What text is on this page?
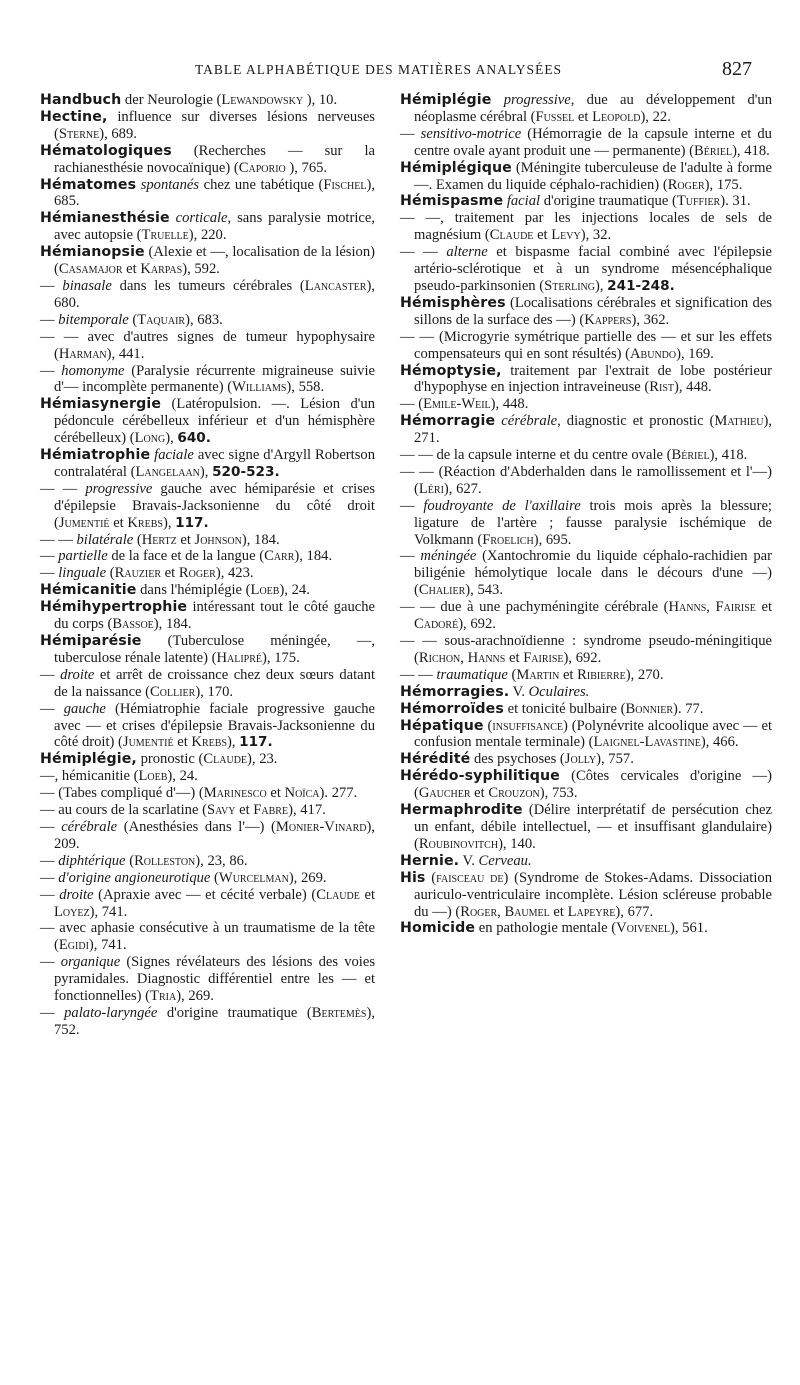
TABLE ALPHABÉTIQUE DES MATIÈRES ANALYSÉES	827

Handbuch der Neurologie (Lewandowsky ), 10.

Hectine, influence sur diverses lésions nerveuses (Sterne), 689.

Hématologiques (Recherches — sur la rachianesthésie novocaïnique) (Caporio ), 765.

Hématomes spontanés chez une tabétique (Fischel), 685.

Hémianesthésie corticale, sans paralysie motrice, avec autopsie (Truelle), 220.

Hémianopsie (Alexie et —, localisation de la lésion) (Casamajor et Karpas), 592.

— binasale dans les tumeurs cérébrales (Lancaster), 680.

— bitemporale (Taquair), 683.

— — avec d'autres signes de tumeur hypophysaire (Harman), 441.

— homonyme (Paralysie récurrente migraineuse suivie d'— incomplète permanente) (Williams), 558.

Hémiasynergie (Latéropulsion. —. Lésion d'un pédoncule cérébelleux inférieur et d'un hémisphère cérébelleux) (Long), 640.

Hémiatrophie faciale avec signe d'Argyll Robertson contralatéral (Langelaan), 520-523.

— — progressive gauche avec hémiparésie et crises d'épilepsie Bravais-Jacksonienne du côté droit (Jumentié et Krebs), 117.

— — bilatérale (Hertz et Johnson), 184.

— partielle de la face et de la langue (Carr), 184.

— linguale (Rauzier et Roger), 423.

Hémicanitie dans l'hémiplégie (Loeb), 24.

Hémihypertrophie intéressant tout le côté gauche du corps (Bassoe), 184.

Hémiparésie (Tuberculose méningée, —, tuberculose rénale latente) (Halipré), 175.

— droite et arrêt de croissance chez deux sœurs datant de la naissance (Collier), 170.

— gauche (Hémiatrophie faciale progressive gauche avec — et crises d'épilepsie Bravais-Jacksonienne du côté droit) (Jumentié et Krebs), 117.

Hémiplégie, pronostic (Claude), 23.

—, hémicanitie (Loeb), 24.

— (Tabes compliqué d'—) (Marinesco et Noïca). 277.

— au cours de la scarlatine (Savy et Fabre), 417.

— cérébrale (Anesthésies dans l'—) (Monier-Vinard), 209.

— diphtérique (Rolleston), 23, 86.

— d'origine angioneurotique (Wurcelman), 269.

— droite (Apraxie avec — et cécité verbale) (Claude et Loyez), 741.

— avec aphasie consécutive à un traumatisme de la tête (Egidi), 741.

— organique (Signes révélateurs des lésions des voies pyramidales. Diagnostic différentiel entre les — et fonctionnelles) (Tria), 269.

— palato-laryngée d'origine traumatique (Bertemès), 752.

Hémiplégie progressive, due au développement d'un néoplasme cérébral (Fussel et Leopold), 22.

— sensitivo-motrice (Hémorragie de la capsule interne et du centre ovale ayant produit une — permanente) (Bériel), 418.

Hémiplégique (Méningite tuberculeuse de l'adulte à forme —. Examen du liquide céphalo-rachidien) (Roger), 175.

Hémispasme facial d'origine traumatique (Tuffier). 31.

— —, traitement par les injections locales de sels de magnésium (Claude et Levy), 32.

— — alterne et bispasme facial combiné avec l'épilepsie artério-sclérotique et à un syndrome mésencéphalique pseudo-parkinsonien (Sterling), 241-248.

Hémisphères (Localisations cérébrales et signification des sillons de la surface des —) (Kappers), 362.

— — (Microgyrie symétrique partielle des — et sur les effets compensateurs qui en sont résultés) (Abundo), 169.

Hémoptysie, traitement par l'extrait de lobe postérieur d'hypophyse en injection intraveineuse (Rist), 448.

— (Emile-Weil), 448.

Hémorragie cérébrale, diagnostic et pronostic (Mathieu), 271.

— — de la capsule interne et du centre ovale (Bériel), 418.

— — (Réaction d'Abderhalden dans le ramollissement et l'—) (Léri), 627.

— foudroyante de l'axillaire trois mois après la blessure; ligature de l'artère ; fausse paralysie ischémique de Volkmann (Froelich), 695.

— méningée (Xantochromie du liquide céphalo-rachidien par biligénie hémolytique locale dans le décours d'une —) (Chalier), 543.

— — due à une pachyméningite cérébrale (Hanns, Fairise et Cadoré), 692.

— — sous-arachnoïdienne : syndrome pseudo-méningitique (Richon, Hanns et Fairise), 692.

— — traumatique (Martin et Ribierre), 270.

Hémorragies. V. Oculaires.

Hémorroïdes et tonicité bulbaire (Bonnier). 77.

Hépatique (insuffisance) (Polynévrite alcoolique avec — et confusion mentale terminale) (Laignel-Lavastine), 466.

Hérédité des psychoses (Jolly), 757.

Hérédo-syphilitique (Côtes cervicales d'origine —) (Gaucher et Crouzon), 753.

Hermaphrodite (Délire interprétatif de persécution chez un enfant, débile intellectuel, — et insuffisant glandulaire) (Roubinovitch), 140.

Hernie. V. Cerveau.

His (faisceau de) (Syndrome de Stokes-Adams. Dissociation auriculo-ventriculaire incomplète. Lésion scléreuse probable du —) (Roger, Baumel et Lapeyre), 677.

Homicide en pathologie mentale (Voivenel), 561.
